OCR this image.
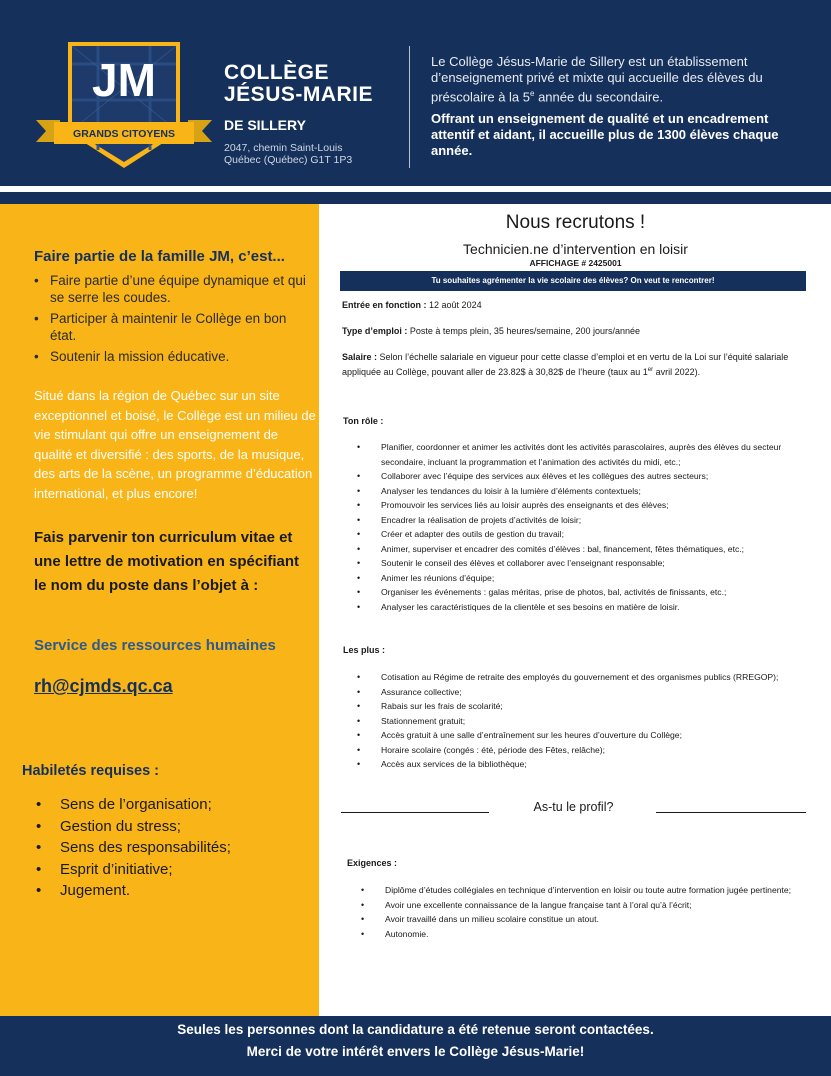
JM
GRANDS CITOYENS
COLLÈGE
JÉSUS-MARIE
DE SILLERY
2047, chemin Saint-Louis
Québec (Québec) G1T 1P3
Le Collège Jésus-Marie de Sillery est un établissement d’enseignement privé et mixte qui accueille des élèves du préscolaire à la 5e année du secondaire.
Offrant un enseignement de qualité et un encadrement attentif et aidant, il accueille plus de 1300 élèves chaque année.
Faire partie de la famille JM, c’est...
• Faire partie d’une équipe dynamique et qui se serre les coudes.
• Participer à maintenir le Collège en bon état.
• Soutenir la mission éducative.
Situé dans la région de Québec sur un site exceptionnel et boisé, le Collège est un milieu de vie stimulant qui offre un enseignement de qualité et diversifié : des sports, de la musique, des arts de la scène, un programme d’éducation international, et plus encore!
Fais parvenir ton curriculum vitae et une lettre de motivation en spécifiant le nom du poste dans l’objet à :
Service des ressources humaines
rh@cjmds.qc.ca
Habiletés requises :
• Sens de l’organisation;
• Gestion du stress;
• Sens des responsabilités;
• Esprit d’initiative;
• Jugement.
Nous recrutons !
Technicien.ne d’intervention en loisir
AFFICHAGE # 2425001
Tu souhaites agrémenter la vie scolaire des élèves? On veut te rencontrer!
Entrée en fonction : 12 août 2024
Type d’emploi : Poste à temps plein, 35 heures/semaine, 200 jours/année
Salaire : Selon l’échelle salariale en vigueur pour cette classe d’emploi et en vertu de la Loi sur l’équité salariale appliquée au Collège, pouvant aller de 23.82$ à 30,82$ de l’heure (taux au 1er avril 2022).
Ton rôle :
• Planifier, coordonner et animer les activités dont les activités parascolaires, auprès des élèves du secteur secondaire, incluant la programmation et l’animation des activités du midi, etc.;
• Collaborer avec l’équipe des services aux élèves et les collègues des autres secteurs;
• Analyser les tendances du loisir à la lumière d’éléments contextuels;
• Promouvoir les services liés au loisir auprès des enseignants et des élèves;
• Encadrer la réalisation de projets d’activités de loisir;
• Créer et adapter des outils de gestion du travail;
• Animer, superviser et encadrer des comités d’élèves : bal, financement, fêtes thématiques, etc.;
• Soutenir le conseil des élèves et collaborer avec l’enseignant responsable;
• Animer les réunions d’équipe;
• Organiser les événements : galas méritas, prise de photos, bal, activités de finissants, etc.;
• Analyser les caractéristiques de la clientèle et ses besoins en matière de loisir.
Les plus :
• Cotisation au Régime de retraite des employés du gouvernement et des organismes publics (RREGOP);
• Assurance collective;
• Rabais sur les frais de scolarité;
• Stationnement gratuit;
• Accès gratuit à une salle d’entraînement sur les heures d’ouverture du Collège;
• Horaire scolaire (congés : été, période des Fêtes, relâche);
• Accès aux services de la bibliothèque;
As-tu le profil?
Exigences :
• Diplôme d’études collégiales en technique d’intervention en loisir ou toute autre formation jugée pertinente;
• Avoir une excellente connaissance de la langue française tant à l’oral qu’à l’écrit;
• Avoir travaillé dans un milieu scolaire constitue un atout.
• Autonomie.
Seules les personnes dont la candidature a été retenue seront contactées.
Merci de votre intérêt envers le Collège Jésus-Marie!
